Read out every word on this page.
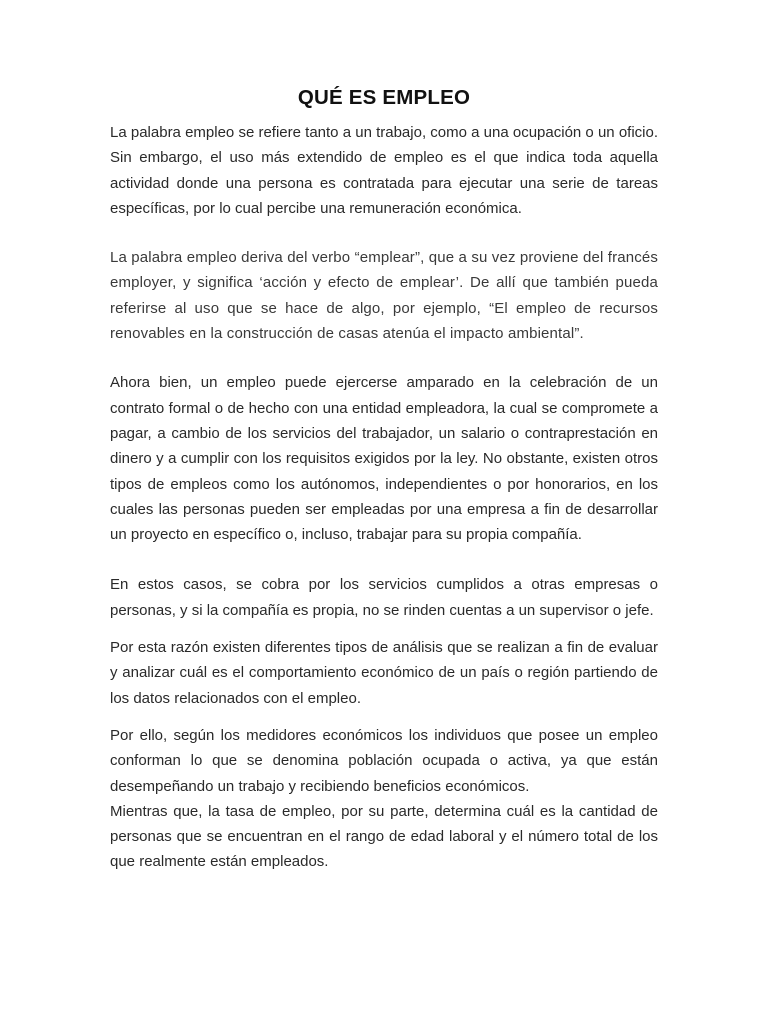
QUÉ ES EMPLEO

La palabra empleo se refiere tanto a un trabajo, como a una ocupación o un oficio. Sin embargo, el uso más extendido de empleo es el que indica toda aquella actividad donde una persona es contratada para ejecutar una serie de tareas específicas, por lo cual percibe una remuneración económica.

La palabra empleo deriva del verbo “emplear”, que a su vez proviene del francés employer, y significa ‘acción y efecto de emplear’. De allí que también pueda referirse al uso que se hace de algo, por ejemplo, “El empleo de recursos renovables en la construcción de casas atenúa el impacto ambiental”.

Ahora bien, un empleo puede ejercerse amparado en la celebración de un contrato formal o de hecho con una entidad empleadora, la cual se compromete a pagar, a cambio de los servicios del trabajador, un salario o contraprestación en dinero y a cumplir con los requisitos exigidos por la ley. No obstante, existen otros tipos de empleos como los autónomos, independientes o por honorarios, en los cuales las personas pueden ser empleadas por una empresa a fin de desarrollar un proyecto en específico o, incluso, trabajar para su propia compañía.

En estos casos, se cobra por los servicios cumplidos a otras empresas o personas, y si la compañía es propia, no se rinden cuentas a un supervisor o jefe.

Por esta razón existen diferentes tipos de análisis que se realizan a fin de evaluar y analizar cuál es el comportamiento económico de un país o región partiendo de los datos relacionados con el empleo.

Por ello, según los medidores económicos los individuos que posee un empleo conforman lo que se denomina población ocupada o activa, ya que están desempeñando un trabajo y recibiendo beneficios económicos.

Mientras que, la tasa de empleo, por su parte, determina cuál es la cantidad de personas que se encuentran en el rango de edad laboral y el número total de los que realmente están empleados.
